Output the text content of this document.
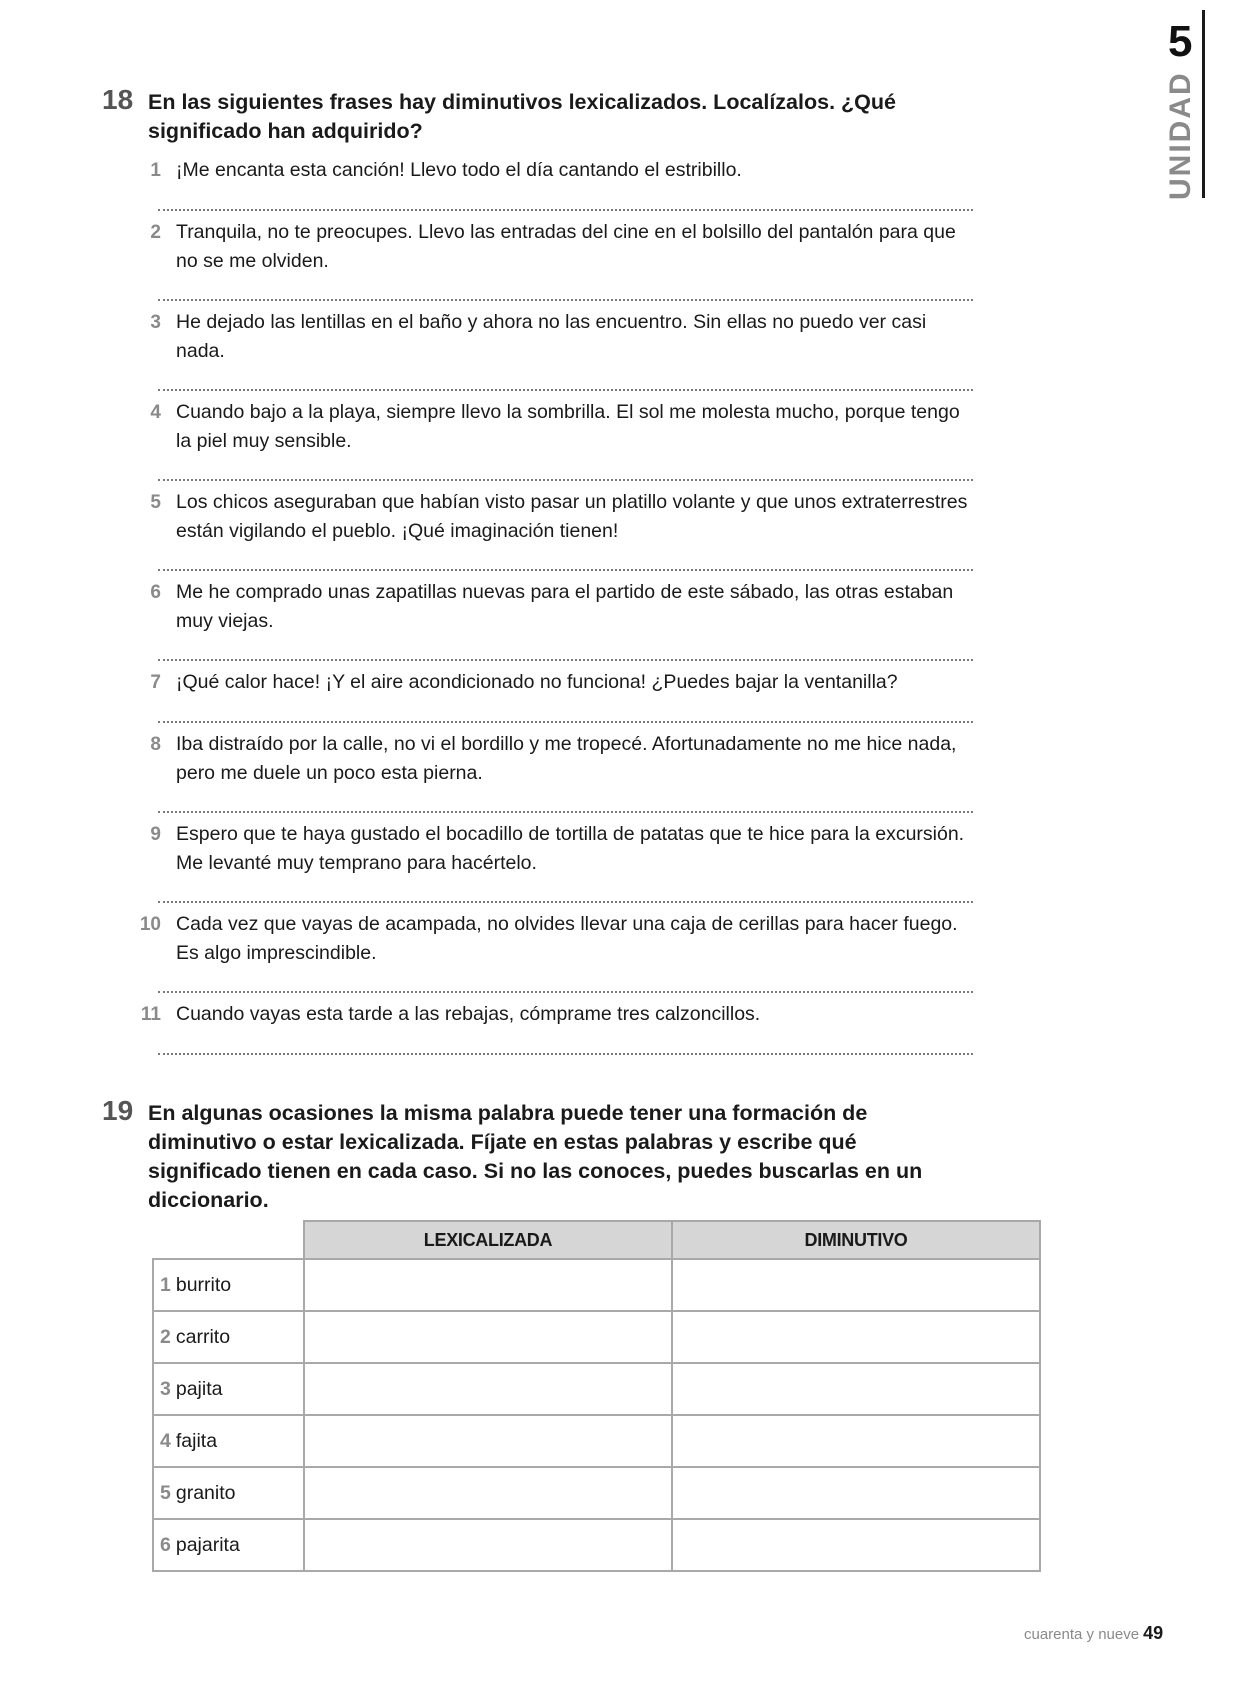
5
UNIDAD
18 En las siguientes frases hay diminutivos lexicalizados. Localízalos. ¿Qué significado han adquirido?
1 ¡Me encanta esta canción! Llevo todo el día cantando el estribillo.
2 Tranquila, no te preocupes. Llevo las entradas del cine en el bolsillo del pantalón para que no se me olviden.
3 He dejado las lentillas en el baño y ahora no las encuentro. Sin ellas no puedo ver casi nada.
4 Cuando bajo a la playa, siempre llevo la sombrilla. El sol me molesta mucho, porque tengo la piel muy sensible.
5 Los chicos aseguraban que habían visto pasar un platillo volante y que unos extraterrestres están vigilando el pueblo. ¡Qué imaginación tienen!
6 Me he comprado unas zapatillas nuevas para el partido de este sábado, las otras estaban muy viejas.
7 ¡Qué calor hace! ¡Y el aire acondicionado no funciona! ¿Puedes bajar la ventanilla?
8 Iba distraído por la calle, no vi el bordillo y me tropecé. Afortunadamente no me hice nada, pero me duele un poco esta pierna.
9 Espero que te haya gustado el bocadillo de tortilla de patatas que te hice para la excursión. Me levanté muy temprano para hacértelo.
10 Cada vez que vayas de acampada, no olvides llevar una caja de cerillas para hacer fuego. Es algo imprescindible.
11 Cuando vayas esta tarde a las rebajas, cómprame tres calzoncillos.
19 En algunas ocasiones la misma palabra puede tener una formación de diminutivo o estar lexicalizada. Fíjate en estas palabras y escribe qué significado tienen en cada caso. Si no las conoces, puedes buscarlas en un diccionario.
	LEXICALIZADA	DIMINUTIVO
1 burrito		
2 carrito		
3 pajita		
4 fajita		
5 granito		
6 pajarita		
cuarenta y nueve 49
